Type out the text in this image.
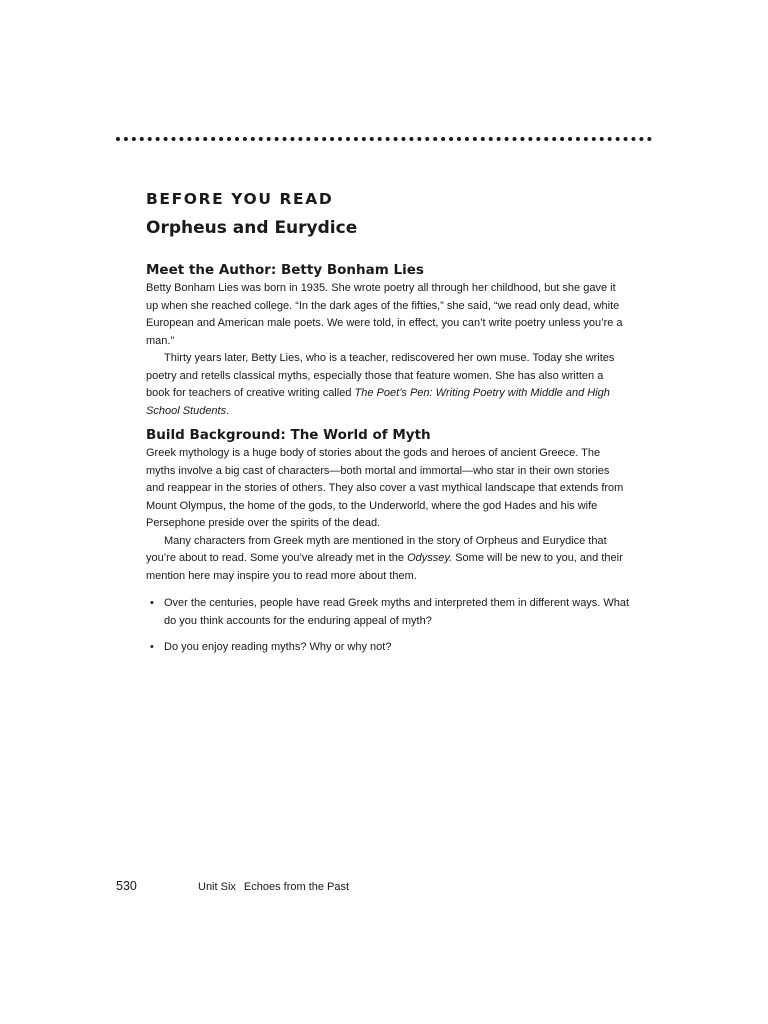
BEFORE YOU READ
Orpheus and Eurydice
Meet the Author: Betty Bonham Lies

Betty Bonham Lies was born in 1935. She wrote poetry all through her childhood, but she gave it up when she reached college. “In the dark ages of the fifties,” she said, “we read only dead, white European and American male poets. We were told, in effect, you can’t write poetry unless you’re a man.”

Thirty years later, Betty Lies, who is a teacher, rediscovered her own muse. Today she writes poetry and retells classical myths, especially those that feature women. She has also written a book for teachers of creative writing called The Poet’s Pen: Writing Poetry with Middle and High School Students.

Build Background: The World of Myth

Greek mythology is a huge body of stories about the gods and heroes of ancient Greece. The myths involve a big cast of characters—both mortal and immortal—who star in their own stories and reappear in the stories of others. They also cover a vast mythical landscape that extends from Mount Olympus, the home of the gods, to the Underworld, where the god Hades and his wife Persephone preside over the spirits of the dead.

Many characters from Greek myth are mentioned in the story of Orpheus and Eurydice that you’re about to read. Some you’ve already met in the Odyssey. Some will be new to you, and their mention here may inspire you to read more about them.

• Over the centuries, people have read Greek myths and interpreted them in different ways. What do you think accounts for the enduring appeal of myth?
• Do you enjoy reading myths? Why or why not?
530	Unit Six Echoes from the Past
